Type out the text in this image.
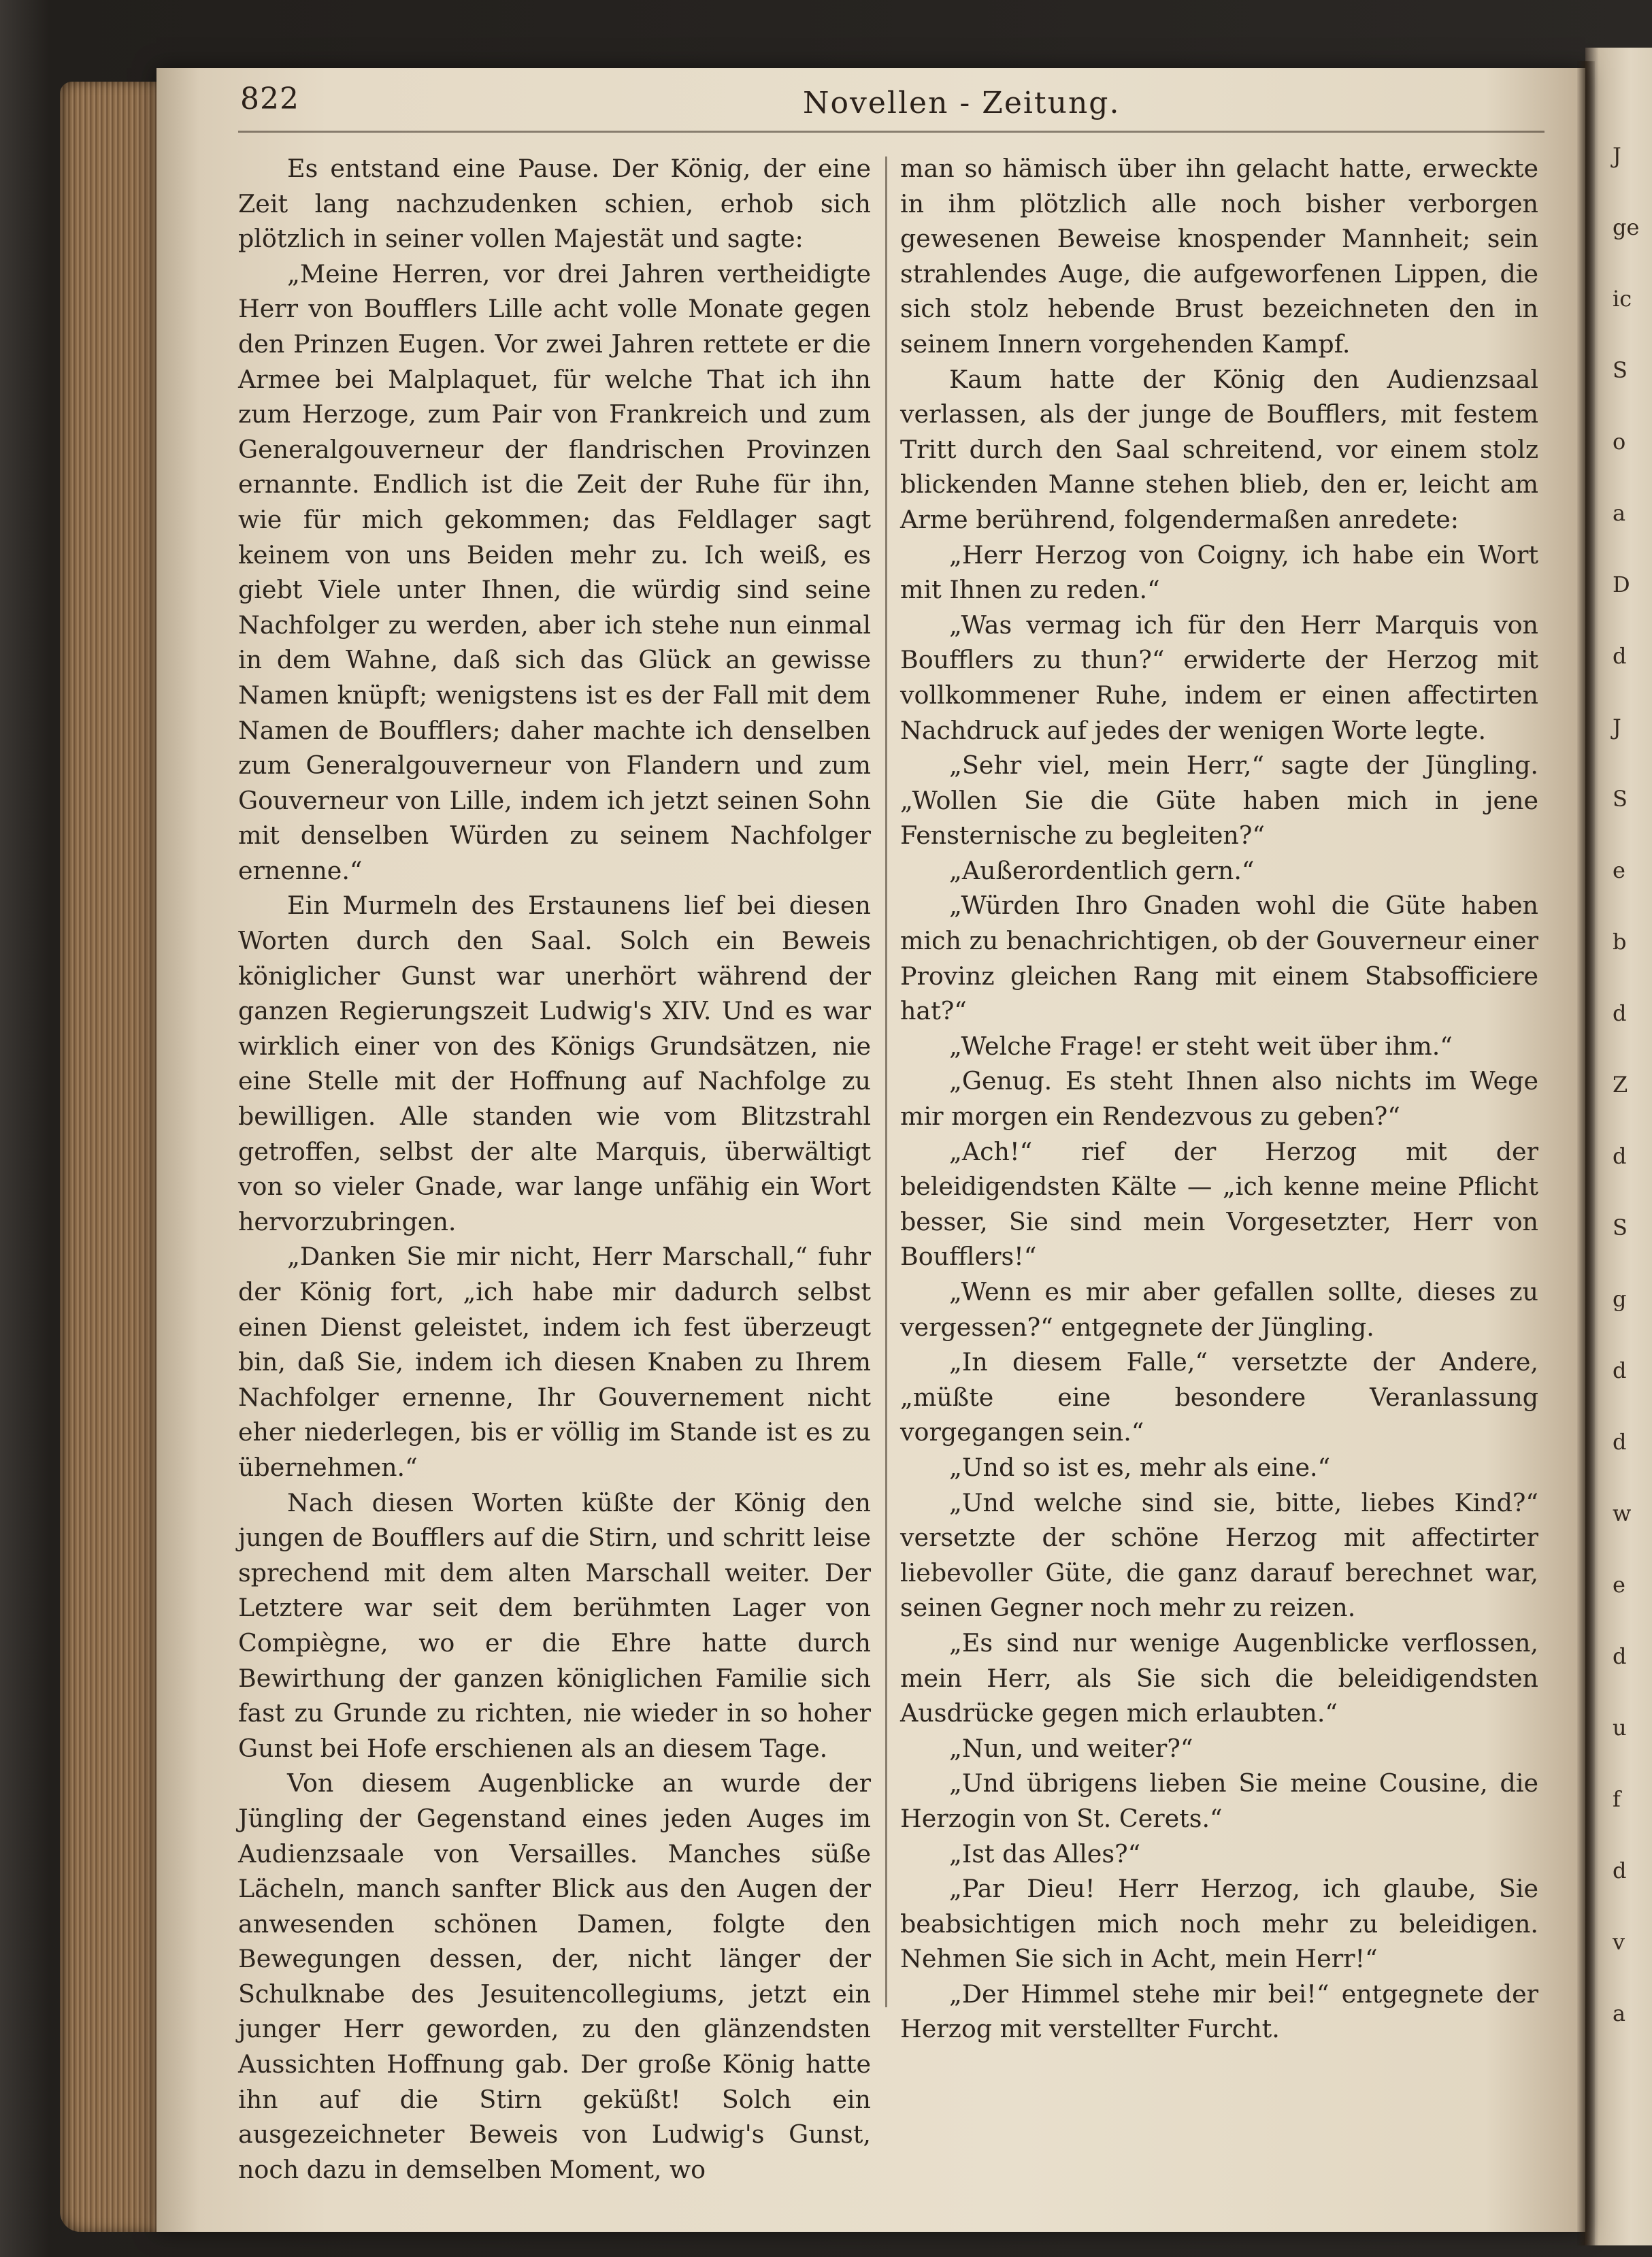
J
ge
ic
S
o
a
D
d
J
S
e
b
d
Z
d
S
g
d
d
w
e
d
u
f
d
v
a
822	Novellen - Zeitung.

Es entstand eine Pause. Der König, der eine Zeit lang nachzudenken schien, erhob sich plötzlich in seiner vollen Majestät und sagte:

„Meine Herren, vor drei Jahren vertheidigte Herr von Boufflers Lille acht volle Monate gegen den Prinzen Eugen. Vor zwei Jahren rettete er die Armee bei Malplaquet, für welche That ich ihn zum Herzoge, zum Pair von Frankreich und zum Generalgouverneur der flandrischen Provinzen ernannte. Endlich ist die Zeit der Ruhe für ihn, wie für mich gekommen; das Feldlager sagt keinem von uns Beiden mehr zu. Ich weiß, es giebt Viele unter Ihnen, die würdig sind seine Nachfolger zu werden, aber ich stehe nun einmal in dem Wahne, daß sich das Glück an gewisse Namen knüpft; wenigstens ist es der Fall mit dem Namen de Boufflers; daher machte ich denselben zum Generalgouverneur von Flandern und zum Gouverneur von Lille, indem ich jetzt seinen Sohn mit denselben Würden zu seinem Nachfolger ernenne.“

Ein Murmeln des Erstaunens lief bei diesen Worten durch den Saal. Solch ein Beweis königlicher Gunst war unerhört während der ganzen Regierungszeit Ludwig's XIV. Und es war wirklich einer von des Königs Grundsätzen, nie eine Stelle mit der Hoffnung auf Nachfolge zu bewilligen. Alle standen wie vom Blitzstrahl getroffen, selbst der alte Marquis, überwältigt von so vieler Gnade, war lange unfähig ein Wort hervorzubringen.

„Danken Sie mir nicht, Herr Marschall,“ fuhr der König fort, „ich habe mir dadurch selbst einen Dienst geleistet, indem ich fest überzeugt bin, daß Sie, indem ich diesen Knaben zu Ihrem Nachfolger ernenne, Ihr Gouvernement nicht eher niederlegen, bis er völlig im Stande ist es zu übernehmen.“

Nach diesen Worten küßte der König den jungen de Boufflers auf die Stirn, und schritt leise sprechend mit dem alten Marschall weiter. Der Letztere war seit dem berühmten Lager von Compiègne, wo er die Ehre hatte durch Bewirthung der ganzen königlichen Familie sich fast zu Grunde zu richten, nie wieder in so hoher Gunst bei Hofe erschienen als an diesem Tage.

Von diesem Augenblicke an wurde der Jüngling der Gegenstand eines jeden Auges im Audienzsaale von Versailles. Manches süße Lächeln, manch sanfter Blick aus den Augen der anwesenden schönen Damen, folgte den Bewegungen dessen, der, nicht länger der Schulknabe des Jesuitencollegiums, jetzt ein junger Herr geworden, zu den glänzendsten Aussichten Hoffnung gab. Der große König hatte ihn auf die Stirn geküßt! Solch ein ausgezeichneter Beweis von Ludwig's Gunst, noch dazu in demselben Moment, wo

man so hämisch über ihn gelacht hatte, erweckte in ihm plötzlich alle noch bisher verborgen gewesenen Beweise knospender Mannheit; sein strahlendes Auge, die aufgeworfenen Lippen, die sich stolz hebende Brust bezeichneten den in seinem Innern vorgehenden Kampf.

Kaum hatte der König den Audienzsaal verlassen, als der junge de Boufflers, mit festem Tritt durch den Saal schreitend, vor einem stolz blickenden Manne stehen blieb, den er, leicht am Arme berührend, folgendermaßen anredete:

„Herr Herzog von Coigny, ich habe ein Wort mit Ihnen zu reden.“

„Was vermag ich für den Herr Marquis von Boufflers zu thun?“ erwiderte der Herzog mit vollkommener Ruhe, indem er einen affectirten Nachdruck auf jedes der wenigen Worte legte.

„Sehr viel, mein Herr,“ sagte der Jüngling. „Wollen Sie die Güte haben mich in jene Fensternische zu begleiten?“

„Außerordentlich gern.“

„Würden Ihro Gnaden wohl die Güte haben mich zu benachrichtigen, ob der Gouverneur einer Provinz gleichen Rang mit einem Stabsofficiere hat?“

„Welche Frage! er steht weit über ihm.“

„Genug. Es steht Ihnen also nichts im Wege mir morgen ein Rendezvous zu geben?“

„Ach!“ rief der Herzog mit der beleidigendsten Kälte — „ich kenne meine Pflicht besser, Sie sind mein Vorgesetzter, Herr von Boufflers!“

„Wenn es mir aber gefallen sollte, dieses zu vergessen?“ entgegnete der Jüngling.

„In diesem Falle,“ versetzte der Andere, „müßte eine besondere Veranlassung vorgegangen sein.“

„Und so ist es, mehr als eine.“

„Und welche sind sie, bitte, liebes Kind?“ versetzte der schöne Herzog mit affectirter liebevoller Güte, die ganz darauf berechnet war, seinen Gegner noch mehr zu reizen.

„Es sind nur wenige Augenblicke verflossen, mein Herr, als Sie sich die beleidigendsten Ausdrücke gegen mich erlaubten.“

„Nun, und weiter?“

„Und übrigens lieben Sie meine Cousine, die Herzogin von St. Cerets.“

„Ist das Alles?“

„Par Dieu! Herr Herzog, ich glaube, Sie beabsichtigen mich noch mehr zu beleidigen. Nehmen Sie sich in Acht, mein Herr!“

„Der Himmel stehe mir bei!“ entgegnete der Herzog mit verstellter Furcht.
